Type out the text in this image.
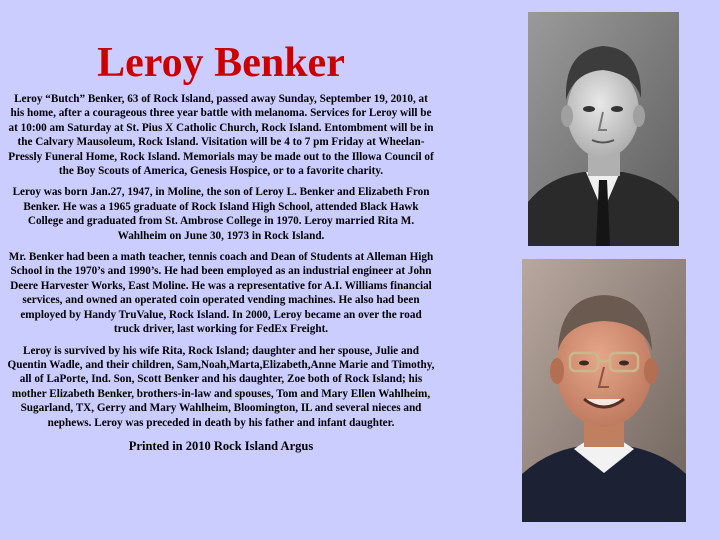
Leroy Benker

Leroy “Butch” Benker, 63 of Rock Island, passed away Sunday, September 19, 2010, at his home, after a courageous three year battle with melanoma. Services for Leroy will be at 10:00 am Saturday at St. Pius X Catholic Church, Rock Island. Entombment will be in the Calvary Mausoleum, Rock Island. Visitation will be 4 to 7 pm Friday at Wheelan-Pressly Funeral Home, Rock Island. Memorials may be made out to the Illowa Council of the Boy Scouts of America, Genesis Hospice, or to a favorite charity.

Leroy was born Jan.27, 1947, in Moline, the son of Leroy L. Benker and Elizabeth Fron Benker. He was a 1965 graduate of Rock Island High School, attended Black Hawk College and graduated from St. Ambrose College in 1970. Leroy married Rita M. Wahlheim on June 30, 1973 in Rock Island.

Mr. Benker had been a math teacher, tennis coach and Dean of Students at Alleman High School in the 1970’s and 1990’s. He had been employed as an industrial engineer at John Deere Harvester Works, East Moline. He was a representative for A.I. Williams financial services, and owned an operated coin operated vending machines. He also had been employed by Handy TruValue, Rock Island. In 2000, Leroy became an over the road truck driver, last working for FedEx Freight.

Leroy is survived by his wife Rita, Rock Island; daughter and her spouse, Julie and Quentin Wadle, and their children, Sam,Noah,Marta,Elizabeth,Anne Marie and Timothy, all of LaPorte, Ind. Son, Scott Benker and his daughter, Zoe both of Rock Island; his mother Elizabeth Benker, brothers-in-law and spouses, Tom and Mary Ellen Wahlheim, Sugarland, TX, Gerry and Mary Wahlheim, Bloomington, IL and several nieces and nephews. Leroy was preceded in death by his father and infant daughter.

Printed in 2010 Rock Island Argus
